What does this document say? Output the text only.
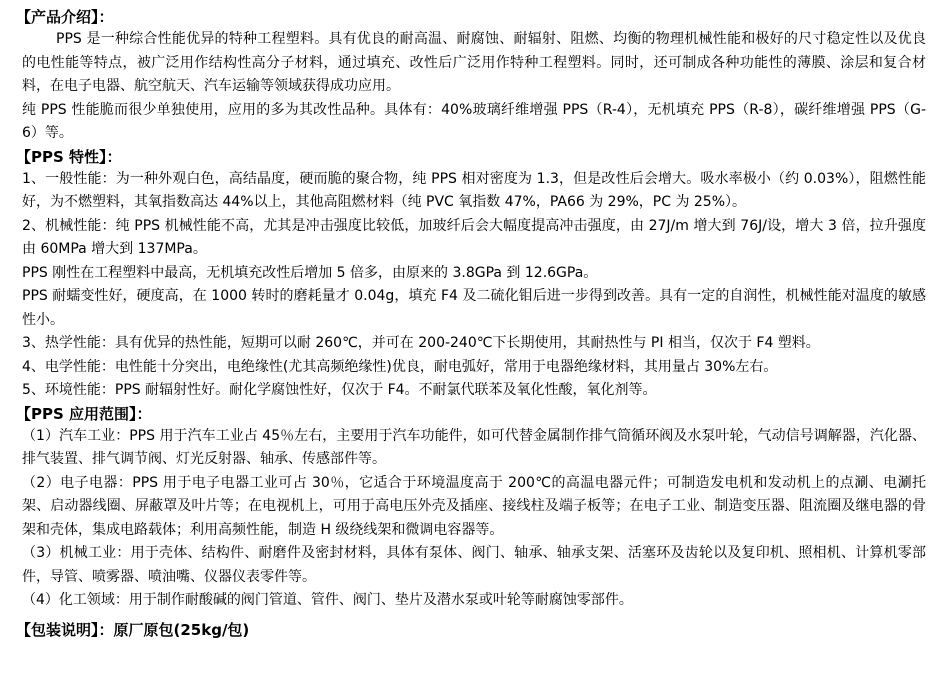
【产品介绍】：

PPS 是一种综合性能优异的特种工程塑料。具有优良的耐高温、耐腐蚀、耐辐射、阻燃、均衡的物理机械性能和极好的尺寸稳定性以及优良的电性能等特点，被广泛用作结构性高分子材料，通过填充、改性后广泛用作特种工程塑料。同时，还可制成各种功能性的薄膜、涂层和复合材料，在电子电器、航空航天、汽车运输等领域获得成功应用。

纯 PPS 性能脆而很少单独使用，应用的多为其改性品种。具体有：40%玻璃纤维增强 PPS（R-4），无机填充 PPS（R-8），碳纤维增强 PPS（G-6）等。

【PPS 特性】：

1、一般性能：为一种外观白色，高结晶度，硬而脆的聚合物，纯 PPS 相对密度为 1.3，但是改性后会增大。吸水率极小（约 0.03%），阻燃性能好，为不燃塑料，其氧指数高达 44%以上，其他高阻燃材料（纯 PVC 氧指数 47%，PA66 为 29%，PC 为 25%）。

2、机械性能：纯 PPS 机械性能不高，尤其是冲击强度比较低，加玻纤后会大幅度提高冲击强度，由 27J/m 增大到 76J/设，增大 3 倍，拉升强度由 60MPa 增大到 137MPa。

PPS 刚性在工程塑料中最高，无机填充改性后增加 5 倍多，由原来的 3.8GPa 到 12.6GPa。

PPS 耐蠕变性好，硬度高，在 1000 转时的磨耗量才 0.04g，填充 F4 及二硫化钼后进一步得到改善。具有一定的自润性，机械性能对温度的敏感性小。

3、热学性能：具有优异的热性能，短期可以耐 260℃，并可在 200-240℃下长期使用，其耐热性与 PI 相当，仅次于 F4 塑料。

4、电学性能：电性能十分突出，电绝缘性(尤其高频绝缘性)优良，耐电弧好，常用于电器绝缘材料，其用量占 30%左右。

5、环境性能：PPS 耐辐射性好。耐化学腐蚀性好，仅次于 F4。不耐氯代联苯及氧化性酸，氧化剂等。

【PPS 应用范围】：

（1）汽车工业：PPS 用于汽车工业占 45％左右，主要用于汽车功能件，如可代替金属制作排气筒循环阀及水泵叶轮，气动信号调解器，汽化器、排气装置、排气调节阀、灯光反射器、轴承、传感部件等。

（2）电子电器：PPS 用于电子电器工业可占 30％，它适合于环境温度高于 200℃的高温电器元件；可制造发电机和发动机上的点涮、电涮托架、启动器线圈、屏蔽罩及叶片等；在电视机上，可用于高电压外壳及插座、接线柱及端子板等；在电子工业、制造变压器、阻流圈及继电器的骨架和壳体，集成电路载体；利用高频性能，制造 H 级绕线架和微调电容器等。

（3）机械工业：用于壳体、结构件、耐磨件及密封材料，具体有泵体、阀门、轴承、轴承支架、活塞环及齿轮以及复印机、照相机、计算机零部件，导管、喷雾器、喷油嘴、仪器仪表零件等。

（4）化工领域：用于制作耐酸碱的阀门管道、管件、阀门、垫片及潜水泵或叶轮等耐腐蚀零部件。

【包装说明】：原厂原包(25kg/包)
